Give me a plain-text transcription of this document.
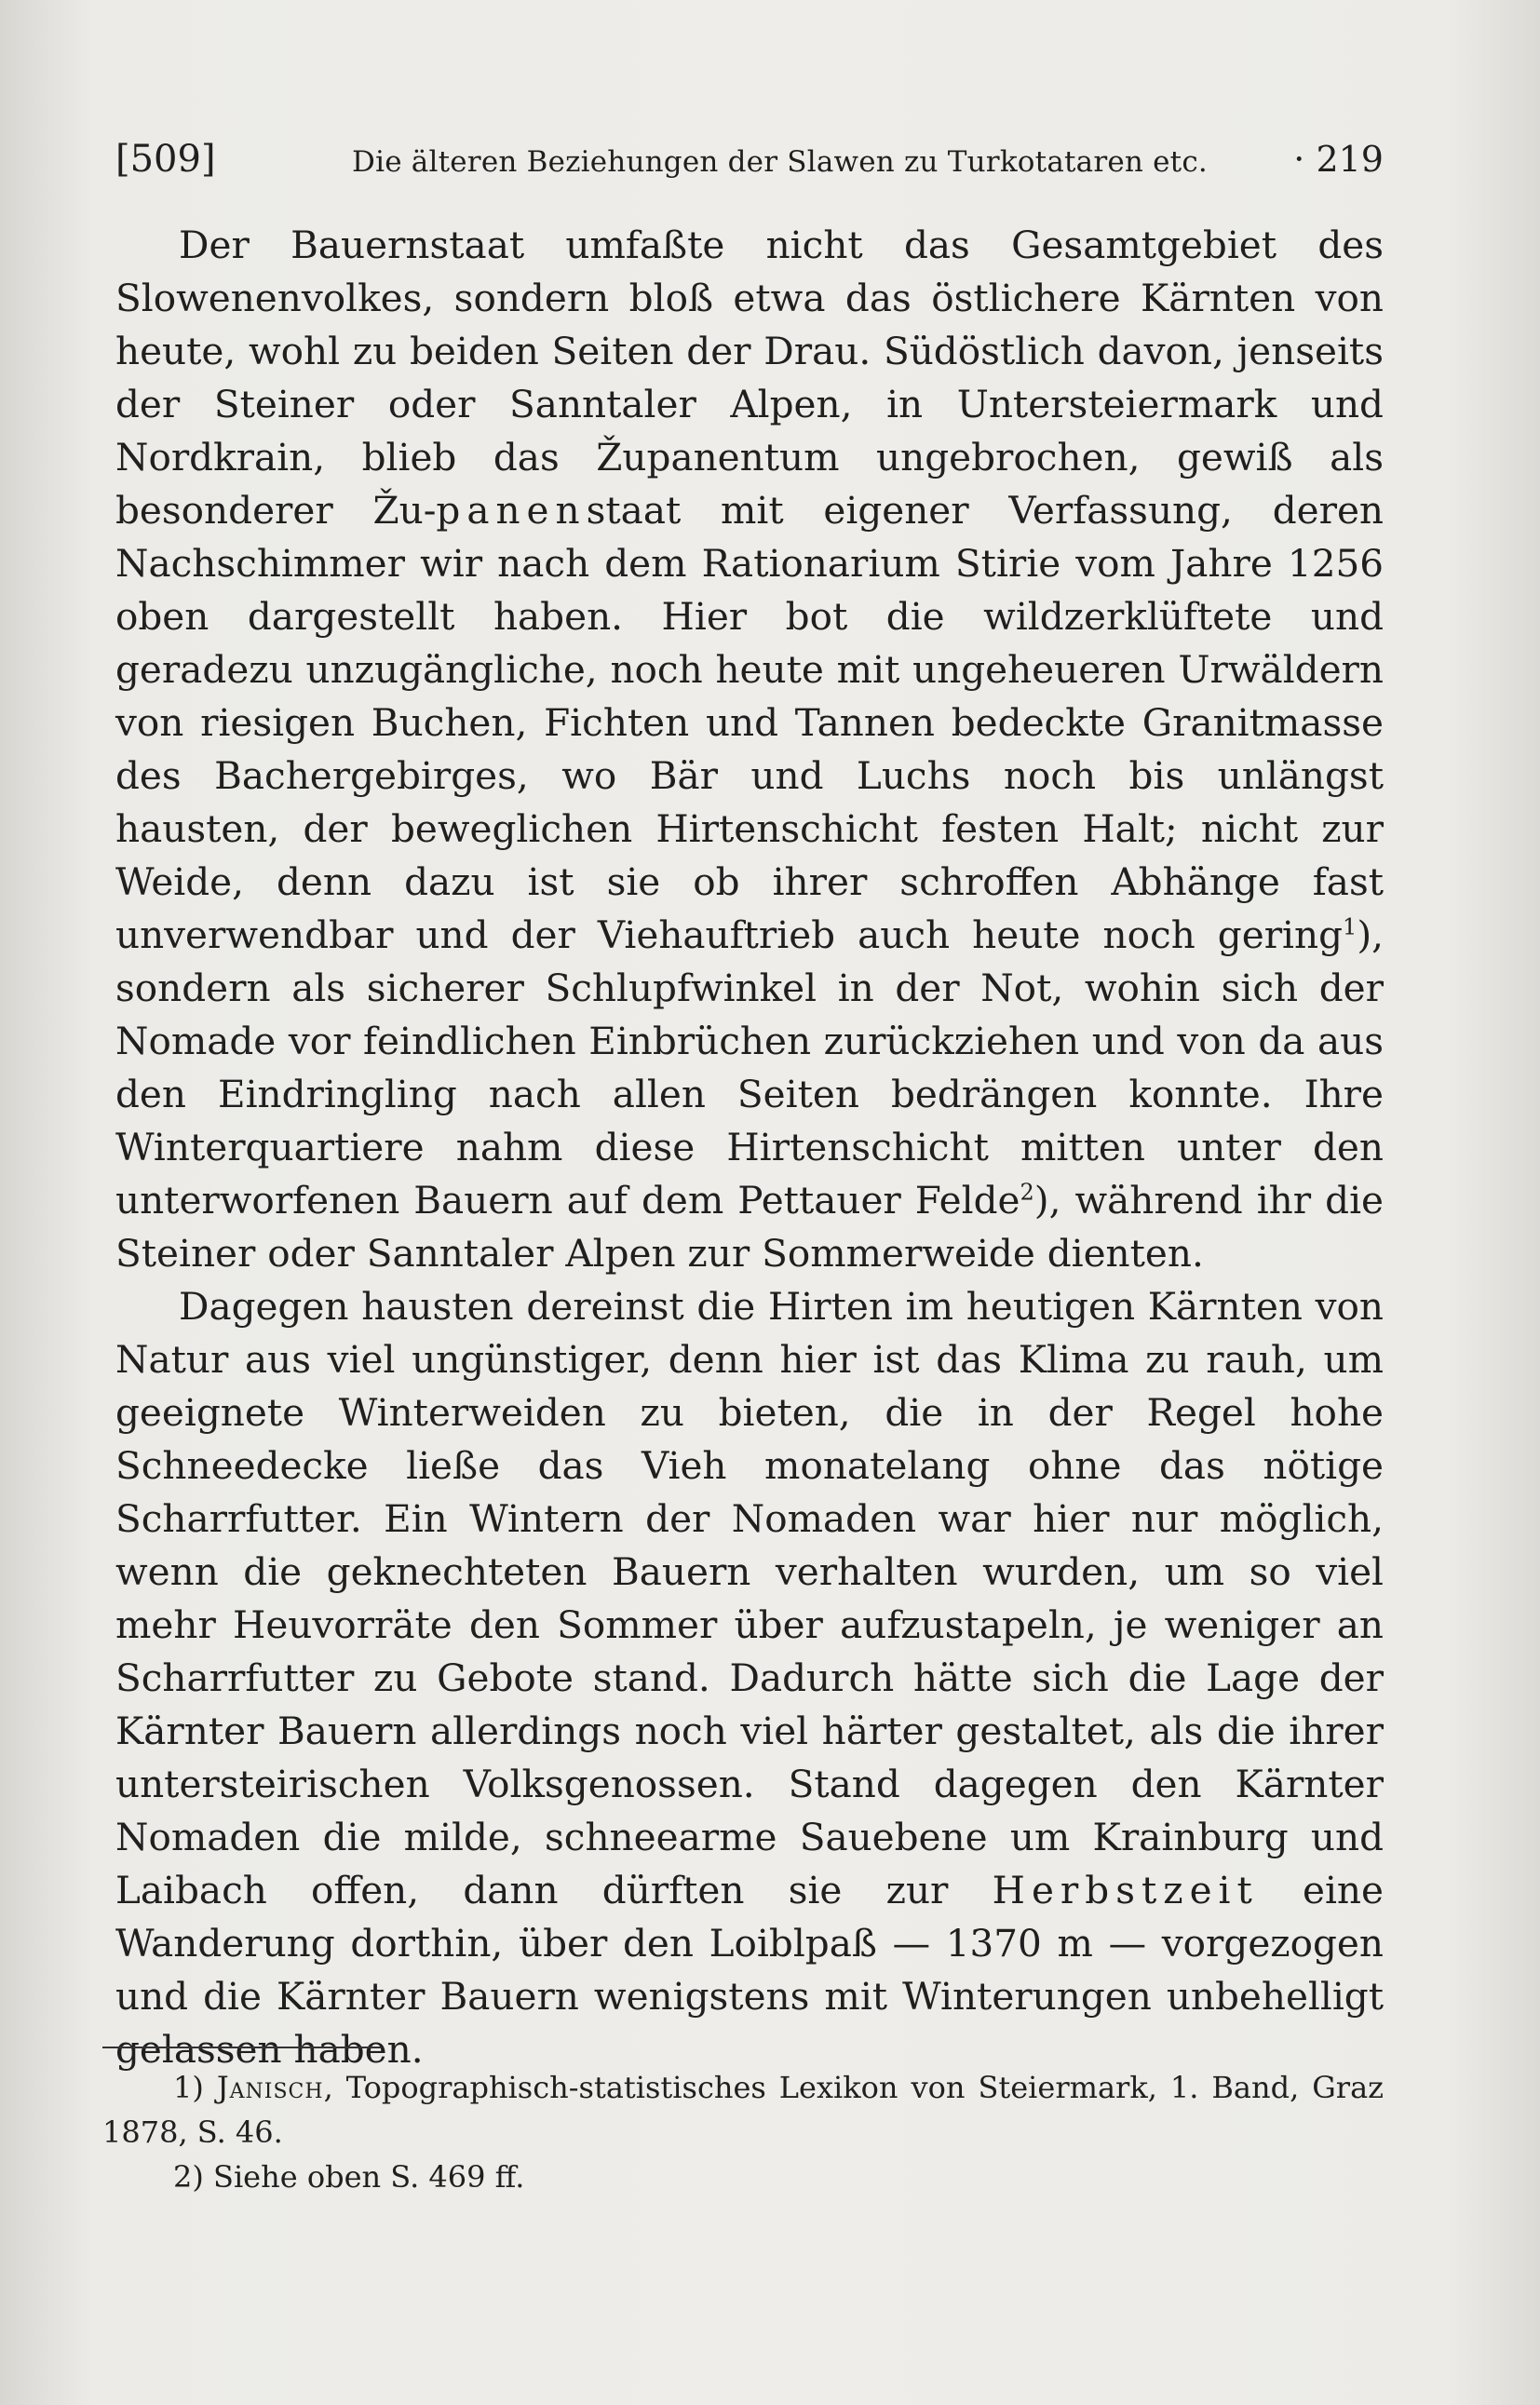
[509]	Die älteren Beziehungen der Slawen zu Turkotataren etc.	· 219

Der Bauernstaat umfaßte nicht das Gesamtgebiet des Slowenenvolkes, sondern bloß etwa das östlichere Kärnten von heute, wohl zu beiden Seiten der Drau. Südöstlich davon, jenseits der Steiner oder Sanntaler Alpen, in Untersteiermark und Nordkrain, blieb das Županentum ungebrochen, gewiß als besonderer Žu-panenstaat mit eigener Verfassung, deren Nachschimmer wir nach dem Rationarium Stirie vom Jahre 1256 oben dargestellt haben. Hier bot die wildzerklüftete und geradezu unzugängliche, noch heute mit ungeheueren Urwäldern von riesigen Buchen, Fichten und Tannen bedeckte Granitmasse des Bachergebirges, wo Bär und Luchs noch bis unlängst hausten, der beweglichen Hirtenschicht festen Halt; nicht zur Weide, denn dazu ist sie ob ihrer schroffen Abhänge fast unverwendbar und der Viehauftrieb auch heute noch gering$^1$), sondern als sicherer Schlupfwinkel in der Not, wohin sich der Nomade vor feindlichen Einbrüchen zurückziehen und von da aus den Eindringling nach allen Seiten bedrängen konnte. Ihre Winterquartiere nahm diese Hirtenschicht mitten unter den unterworfenen Bauern auf dem Pettauer Felde$^2$), während ihr die Steiner oder Sanntaler Alpen zur Sommerweide dienten.

Dagegen hausten dereinst die Hirten im heutigen Kärnten von Natur aus viel ungünstiger, denn hier ist das Klima zu rauh, um geeignete Winterweiden zu bieten, die in der Regel hohe Schneedecke ließe das Vieh monatelang ohne das nötige Scharrfutter. Ein Wintern der Nomaden war hier nur möglich, wenn die geknechteten Bauern verhalten wurden, um so viel mehr Heuvorräte den Sommer über aufzustapeln, je weniger an Scharrfutter zu Gebote stand. Dadurch hätte sich die Lage der Kärnter Bauern allerdings noch viel härter gestaltet, als die ihrer untersteirischen Volksgenossen. Stand dagegen den Kärnter Nomaden die milde, schneearme Sauebene um Krainburg und Laibach offen, dann dürften sie zur Herbstzeit eine Wanderung dorthin, über den Loiblpaß — 1370 m — vorgezogen und die Kärnter Bauern wenigstens mit Winterungen unbehelligt gelassen haben.

1) Janisch, Topographisch-statistisches Lexikon von Steiermark, 1. Band, Graz 1878, S. 46.

2) Siehe oben S. 469 ff.
